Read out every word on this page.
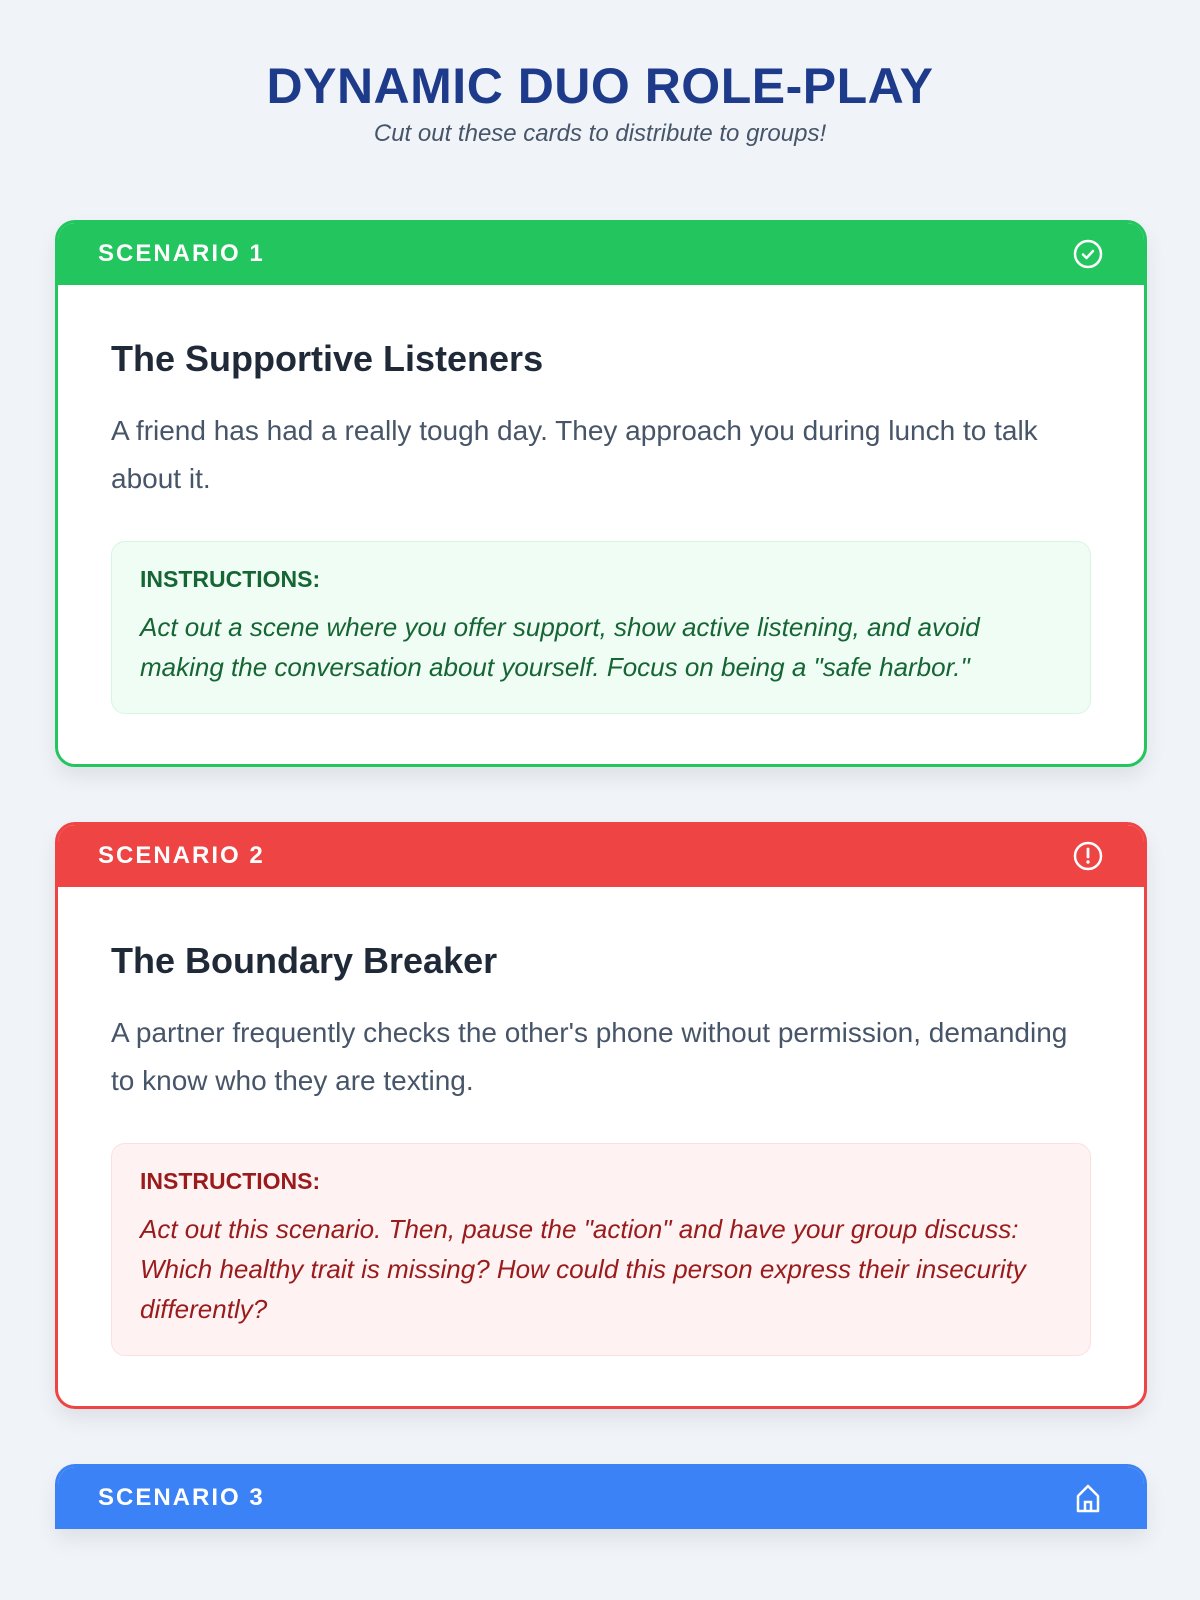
DYNAMIC DUO ROLE-PLAY

Cut out these cards to distribute to groups!

SCENARIO 1
The Supportive Listeners

A friend has had a really tough day. They approach you during lunch to talk about it.

INSTRUCTIONS:
Act out a scene where you offer support, show active listening, and avoid making the conversation about yourself. Focus on being a "safe harbor."
SCENARIO 2
The Boundary Breaker

A partner frequently checks the other's phone without permission, demanding to know who they are texting.

INSTRUCTIONS:
Act out this scenario. Then, pause the "action" and have your group discuss: Which healthy trait is missing? How could this person express their insecurity differently?
SCENARIO 3
